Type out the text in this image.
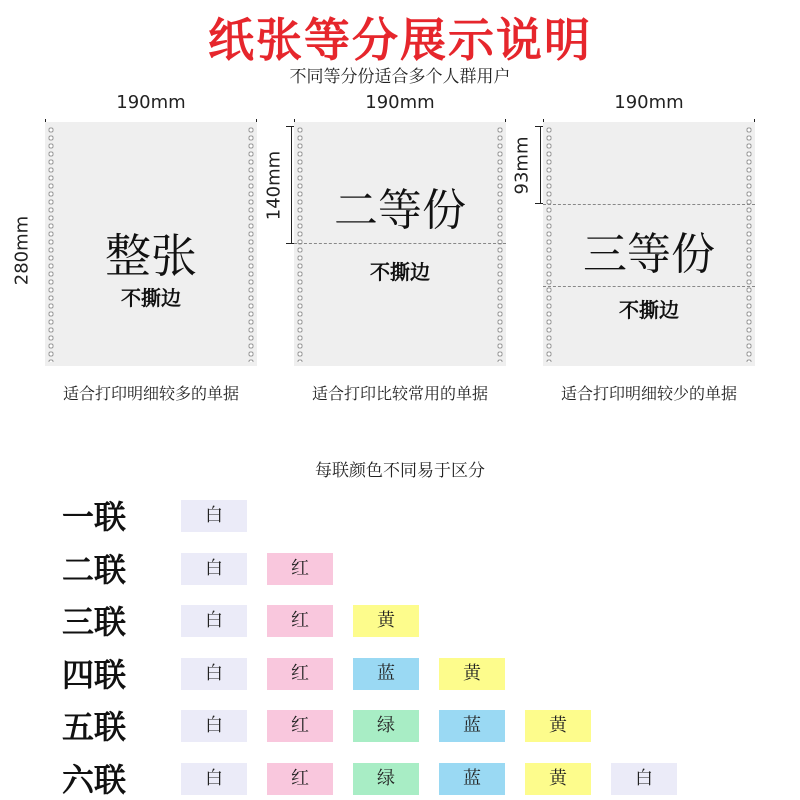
纸张等分展示说明
不同等分份适合多个人群用户
190mm	190mm	190mm
280mm	整张
不撕边
适合打印明细较多的单据
140mm	二等份
不撕边
适合打印比较常用的单据
93mm
三等份
不撕边
适合打印明细较少的单据
每联颜色不同易于区分
一联	白
二联	白	红
三联	白	红	黄
四联	白	红	蓝	黄
五联	白	红	绿	蓝	黄
六联	白	红	绿	蓝	黄	白
